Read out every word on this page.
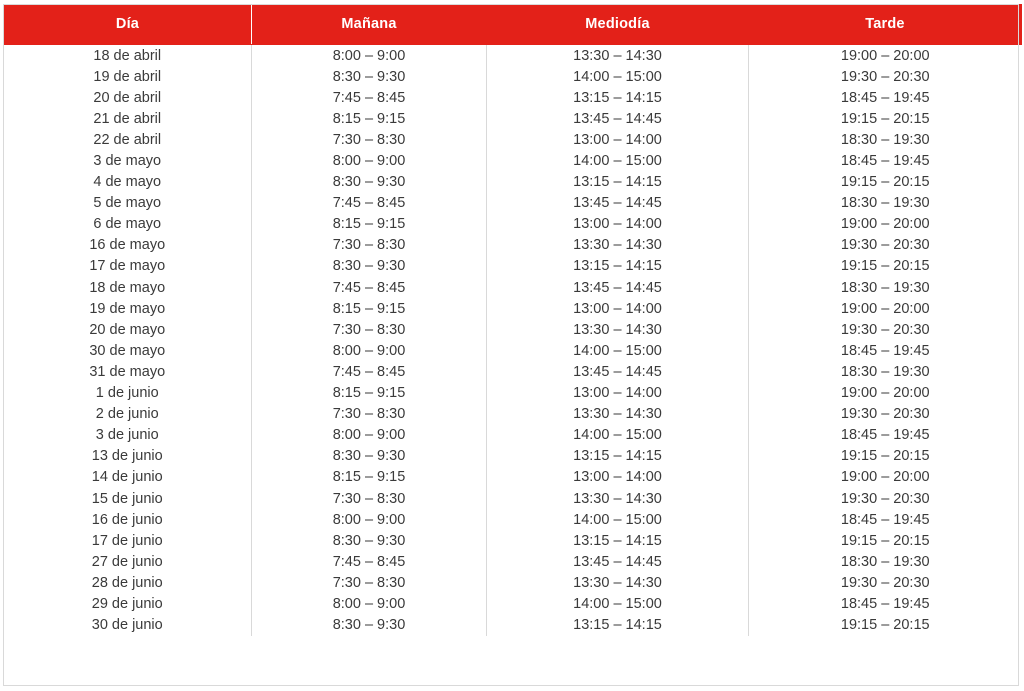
Día	Mañana	Mediodía	Tarde
18 de abril	8:00 – 9:00	13:30 – 14:30	19:00 – 20:00
19 de abril	8:30 – 9:30	14:00 – 15:00	19:30 – 20:30
20 de abril	7:45 – 8:45	13:15 – 14:15	18:45 – 19:45
21 de abril	8:15 – 9:15	13:45 – 14:45	19:15 – 20:15
22 de abril	7:30 – 8:30	13:00 – 14:00	18:30 – 19:30
3 de mayo	8:00 – 9:00	14:00 – 15:00	18:45 – 19:45
4 de mayo	8:30 – 9:30	13:15 – 14:15	19:15 – 20:15
5 de mayo	7:45 – 8:45	13:45 – 14:45	18:30 – 19:30
6 de mayo	8:15 – 9:15	13:00 – 14:00	19:00 – 20:00
16 de mayo	7:30 – 8:30	13:30 – 14:30	19:30 – 20:30
17 de mayo	8:30 – 9:30	13:15 – 14:15	19:15 – 20:15
18 de mayo	7:45 – 8:45	13:45 – 14:45	18:30 – 19:30
19 de mayo	8:15 – 9:15	13:00 – 14:00	19:00 – 20:00
20 de mayo	7:30 – 8:30	13:30 – 14:30	19:30 – 20:30
30 de mayo	8:00 – 9:00	14:00 – 15:00	18:45 – 19:45
31 de mayo	7:45 – 8:45	13:45 – 14:45	18:30 – 19:30
1 de junio	8:15 – 9:15	13:00 – 14:00	19:00 – 20:00
2 de junio	7:30 – 8:30	13:30 – 14:30	19:30 – 20:30
3 de junio	8:00 – 9:00	14:00 – 15:00	18:45 – 19:45
13 de junio	8:30 – 9:30	13:15 – 14:15	19:15 – 20:15
14 de junio	8:15 – 9:15	13:00 – 14:00	19:00 – 20:00
15 de junio	7:30 – 8:30	13:30 – 14:30	19:30 – 20:30
16 de junio	8:00 – 9:00	14:00 – 15:00	18:45 – 19:45
17 de junio	8:30 – 9:30	13:15 – 14:15	19:15 – 20:15
27 de junio	7:45 – 8:45	13:45 – 14:45	18:30 – 19:30
28 de junio	7:30 – 8:30	13:30 – 14:30	19:30 – 20:30
29 de junio	8:00 – 9:00	14:00 – 15:00	18:45 – 19:45
30 de junio	8:30 – 9:30	13:15 – 14:15	19:15 – 20:15
